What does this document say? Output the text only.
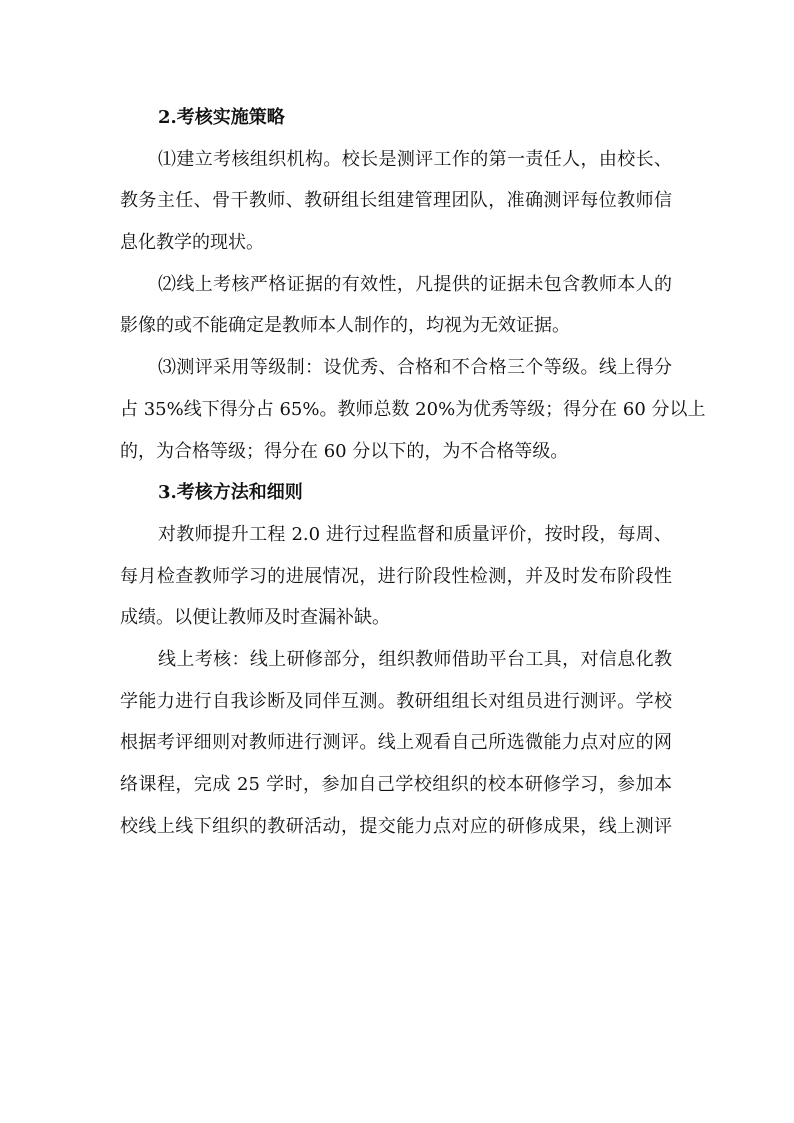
2.考核实施策略
⑴建立考核组织机构。校长是测评工作的第一责任人，由校长、
教务主任、骨干教师、教研组长组建管理团队，准确测评每位教师信
息化教学的现状。
⑵线上考核严格证据的有效性，凡提供的证据未包含教师本人的
影像的或不能确定是教师本人制作的，均视为无效证据。
⑶测评采用等级制：设优秀、合格和不合格三个等级。线上得分
占 35%线下得分占 65%。教师总数 20%为优秀等级；得分在 60 分以上
的，为合格等级；得分在 60 分以下的，为不合格等级。
3.考核方法和细则
对教师提升工程 2.0 进行过程监督和质量评价，按时段，每周、
每月检查教师学习的进展情况，进行阶段性检测，并及时发布阶段性
成绩。以便让教师及时查漏补缺。
线上考核：线上研修部分，组织教师借助平台工具，对信息化教
学能力进行自我诊断及同伴互测。教研组组长对组员进行测评。学校
根据考评细则对教师进行测评。线上观看自己所选微能力点对应的网
络课程，完成 25 学时，参加自己学校组织的校本研修学习，参加本
校线上线下组织的教研活动，提交能力点对应的研修成果，线上测评
